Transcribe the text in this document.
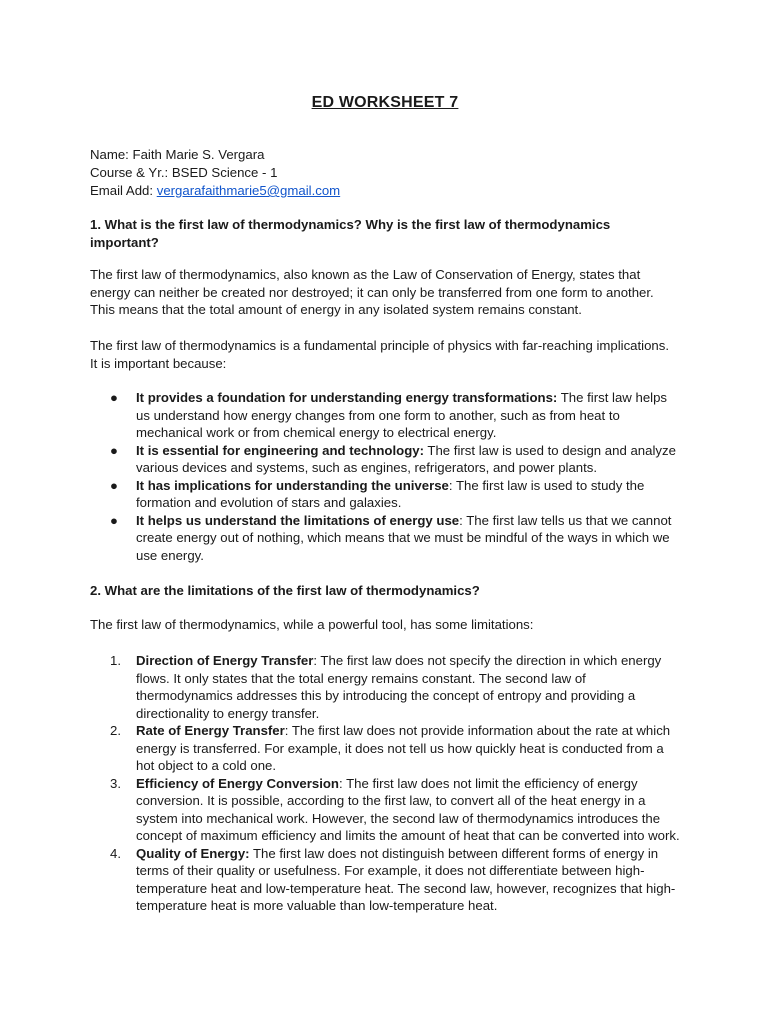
ED WORKSHEET 7
Name: Faith Marie S. Vergara
Course & Yr.: BSED Science - 1
Email Add: vergarafaithmarie5@gmail.com
1. What is the first law of thermodynamics? Why is the first law of thermodynamics important?
The first law of thermodynamics, also known as the Law of Conservation of Energy, states that energy can neither be created nor destroyed; it can only be transferred from one form to another. This means that the total amount of energy in any isolated system remains constant.
The first law of thermodynamics is a fundamental principle of physics with far-reaching implications. It is important because:
● It provides a foundation for understanding energy transformations: The first law helps us understand how energy changes from one form to another, such as from heat to mechanical work or from chemical energy to electrical energy.
● It is essential for engineering and technology: The first law is used to design and analyze various devices and systems, such as engines, refrigerators, and power plants.
● It has implications for understanding the universe: The first law is used to study the formation and evolution of stars and galaxies.
● It helps us understand the limitations of energy use: The first law tells us that we cannot create energy out of nothing, which means that we must be mindful of the ways in which we use energy.
2. What are the limitations of the first law of thermodynamics?
The first law of thermodynamics, while a powerful tool, has some limitations:
1. Direction of Energy Transfer: The first law does not specify the direction in which energy flows. It only states that the total energy remains constant. The second law of thermodynamics addresses this by introducing the concept of entropy and providing a directionality to energy transfer.
2. Rate of Energy Transfer: The first law does not provide information about the rate at which energy is transferred. For example, it does not tell us how quickly heat is conducted from a hot object to a cold one.
3. Efficiency of Energy Conversion: The first law does not limit the efficiency of energy conversion. It is possible, according to the first law, to convert all of the heat energy in a system into mechanical work. However, the second law of thermodynamics introduces the concept of maximum efficiency and limits the amount of heat that can be converted into work.
4. Quality of Energy: The first law does not distinguish between different forms of energy in terms of their quality or usefulness. For example, it does not differentiate between high-temperature heat and low-temperature heat. The second law, however, recognizes that high-temperature heat is more valuable than low-temperature heat.
